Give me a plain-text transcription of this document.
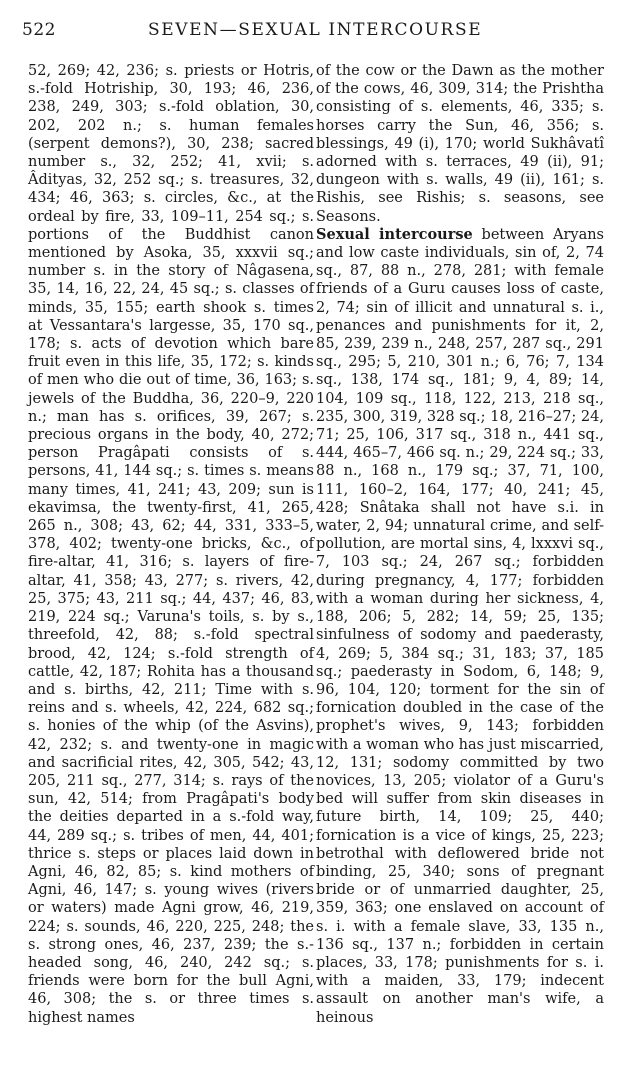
522	SEVEN—SEXUAL INTERCOURSE

52, 269; 42, 236; s. priests or Hotris, s.-fold Hotriship, 30, 193; 46, 236, 238, 249, 303; s.-fold oblation, 30, 202, 202 n.; s. human females (serpent demons?), 30, 238; sacred number s., 32, 252; 41, xvii; s. Âdityas, 32, 252 sq.; s. treasures, 32, 434; 46, 363; s. circles, &c., at the ordeal by fire, 33, 109–11, 254 sq.; s. portions of the Buddhist canon mentioned by Asoka, 35, xxxvii sq.; number s. in the story of Nâgasena, 35, 14, 16, 22, 24, 45 sq.; s. classes of minds, 35, 155; earth shook s. times at Vessantara's largesse, 35, 170 sq., 178; s. acts of devotion which bare fruit even in this life, 35, 172; s. kinds of men who die out of time, 36, 163; s. jewels of the Buddha, 36, 220–9, 220 n.; man has s. orifices, 39, 267; s. precious organs in the body, 40, 272; person Pragâpati consists of s. persons, 41, 144 sq.; s. times s. means many times, 41, 241; 43, 209; sun is ekavimsa, the twenty-first, 41, 265, 265 n., 308; 43, 62; 44, 331, 333–5, 378, 402; twenty-one bricks, &c., of fire-altar, 41, 316; s. layers of fire-altar, 41, 358; 43, 277; s. rivers, 42, 25, 375; 43, 211 sq.; 44, 437; 46, 83, 219, 224 sq.; Varuna's toils, s. by s., threefold, 42, 88; s.-fold spectral brood, 42, 124; s.-fold strength of cattle, 42, 187; Rohita has a thousand and s. births, 42, 211; Time with s. reins and s. wheels, 42, 224, 682 sq.; s. honies of the whip (of the Asvins), 42, 232; s. and twenty-one in magic and sacrificial rites, 42, 305, 542; 43, 205, 211 sq., 277, 314; s. rays of the sun, 42, 514; from Pragâpati's body the deities departed in a s.-fold way, 44, 289 sq.; s. tribes of men, 44, 401; thrice s. steps or places laid down in Agni, 46, 82, 85; s. kind mothers of Agni, 46, 147; s. young wives (rivers or waters) made Agni grow, 46, 219, 224; s. sounds, 46, 220, 225, 248; the s. strong ones, 46, 237, 239; the s.-headed song, 46, 240, 242 sq.; s. friends were born for the bull Agni, 46, 308; the s. or three times s. highest names

of the cow or the Dawn as the mother of the cows, 46, 309, 314; the Prishtha consisting of s. elements, 46, 335; s. horses carry the Sun, 46, 356; s. blessings, 49 (i), 170; world Sukhâvatî adorned with s. terraces, 49 (ii), 91; dungeon with s. walls, 49 (ii), 161; s. Rishis, see Rishis; s. seasons, see Seasons.

Sexual intercourse between Aryans and low caste individuals, sin of, 2, 74 sq., 87, 88 n., 278, 281; with female friends of a Guru causes loss of caste, 2, 74; sin of illicit and unnatural s. i., penances and punishments for it, 2, 85, 239, 239 n., 248, 257, 287 sq., 291 sq., 295; 5, 210, 301 n.; 6, 76; 7, 134 sq., 138, 174 sq., 181; 9, 4, 89; 14, 104, 109 sq., 118, 122, 213, 218 sq., 235, 300, 319, 328 sq.; 18, 216–27; 24, 71; 25, 106, 317 sq., 318 n., 441 sq., 444, 465–7, 466 sq. n.; 29, 224 sq.; 33, 88 n., 168 n., 179 sq.; 37, 71, 100, 111, 160–2, 164, 177; 40, 241; 45, 428; Snâtaka shall not have s.i. in water, 2, 94; unnatural crime, and self-pollution, are mortal sins, 4, lxxxvi sq., 7, 103 sq.; 24, 267 sq.; forbidden during pregnancy, 4, 177; forbidden with a woman during her sickness, 4, 188, 206; 5, 282; 14, 59; 25, 135; sinfulness of sodomy and paederasty, 4, 269; 5, 384 sq.; 31, 183; 37, 185 sq.; paederasty in Sodom, 6, 148; 9, 96, 104, 120; torment for the sin of fornication doubled in the case of the prophet's wives, 9, 143; forbidden with a woman who has just miscarried, 12, 131; sodomy committed by two novices, 13, 205; violator of a Guru's bed will suffer from skin diseases in future birth, 14, 109; 25, 440; fornication is a vice of kings, 25, 223; betrothal with deflowered bride not binding, 25, 340; sons of pregnant bride or of unmarried daughter, 25, 359, 363; one enslaved on account of s. i. with a female slave, 33, 135 n., 136 sq., 137 n.; forbidden in certain places, 33, 178; punishments for s. i. with a maiden, 33, 179; indecent assault on another man's wife, a heinous
